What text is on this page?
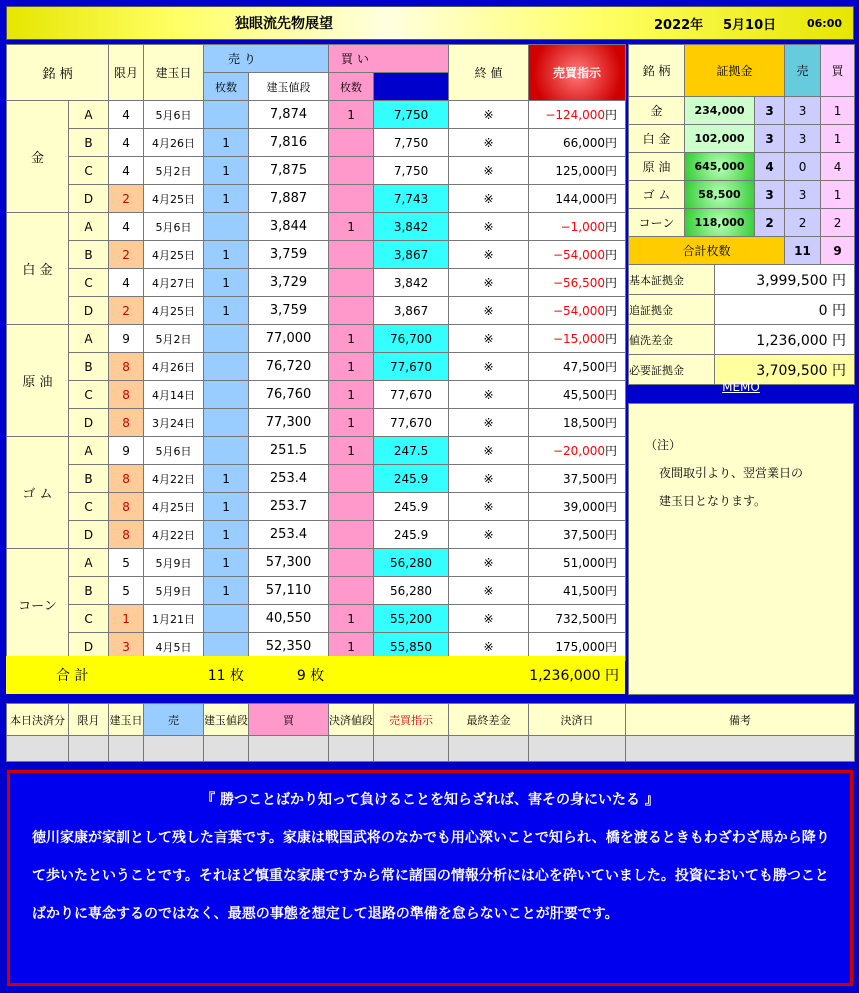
独眼流先物展望	2022年 5月10日	06:00
銘 柄		限月	建玉日	売 り		買 い		終 値	売買指示	
				枚数	建玉値段	枚数				
金	A	4	5月6日		7,874	1	7,750	※	−124,000円	
	B	4	4月26日	1	7,816		7,750	※	66,000円	
	C	4	5月2日	1	7,875		7,750	※	125,000円	
	D	2	4月25日	1	7,887		7,743	※	144,000円	
白 金	A	4	5月6日		3,844	1	3,842	※	−1,000円	
	B	2	4月25日	1	3,759		3,867	※	−54,000円	
	C	4	4月27日	1	3,729		3,842	※	−56,500円	
	D	2	4月25日	1	3,759		3,867	※	−54,000円	
原 油	A	9	5月2日		77,000	1	76,700	※	−15,000円	
	B	8	4月26日		76,720	1	77,670	※	47,500円	
	C	8	4月14日		76,760	1	77,670	※	45,500円	
	D	8	3月24日		77,300	1	77,670	※	18,500円	
ゴ ム	A	9	5月6日		251.5	1	247.5	※	−20,000円	
	B	8	4月22日	1	253.4		245.9	※	37,500円	
	C	8	4月25日	1	253.7		245.9	※	39,000円	
	D	8	4月22日	1	253.4		245.9	※	37,500円	
コーン	A	5	5月9日	1	57,300		56,280	※	51,000円	
	B	5	5月9日	1	57,110		56,280	※	41,500円	
	C	1	1月21日		40,550	1	55,200	※	732,500円	
	D	3	4月5日		52,350	1	55,850	※	175,000円	
合 計	11 枚	9 枚		1,236,000 円
銘 柄	証拠金		売	買
金	234,000	3	3	1
白 金	102,000	3	3	1
原 油	645,000	4	0	4
ゴ ム	58,500	3	3	1
コーン	118,000	2	2	2
合計枚数			11	9
基本証拠金	3,999,500 円
追証拠金	0 円
値洗差金	1,236,000 円
必要証拠金	3,709,500 円
MEMO
（注）
夜間取引より、翌営業日の
建玉日となります。
本日決済分	限月	建玉日	売	建玉値段	買	決済値段	売買指示	最終差金	決済日	備考

『 勝つことばかり知って負けることを知らざれば、害その身にいたる 』
徳川家康が家訓として残した言葉です。家康は戦国武将のなかでも用心深いことで知られ、橋を渡るときもわざわざ馬から降りて歩いたということです。それほど慎重な家康ですから常に諸国の情報分析には心を砕いていました。投資においても勝つことばかりに専念するのではなく、最悪の事態を想定して退路の準備を怠らないことが肝要です。
